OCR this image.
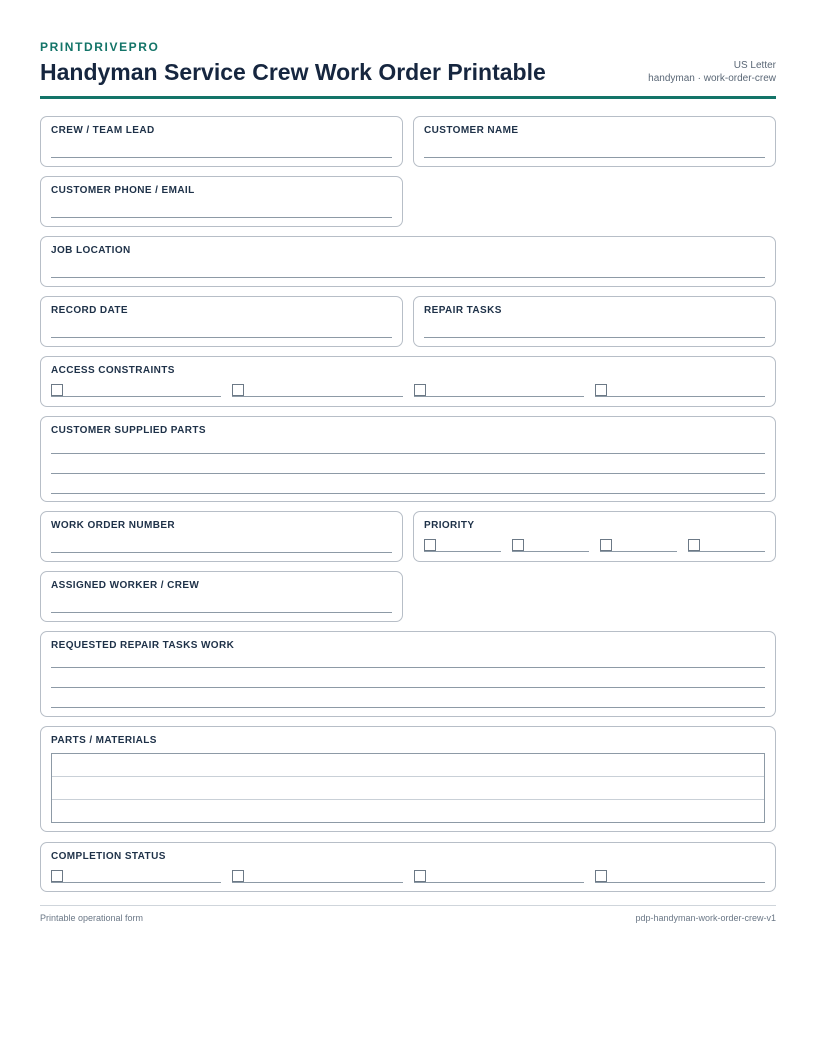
PRINTDRIVEPRO
Handyman Service Crew Work Order Printable	US Letter
handyman · work-order-crew
CREW / TEAM LEAD	CUSTOMER NAME
CUSTOMER PHONE / EMAIL
JOB LOCATION
RECORD DATE	REPAIR TASKS
ACCESS CONSTRAINTS
CUSTOMER SUPPLIED PARTS
WORK ORDER NUMBER	PRIORITY
ASSIGNED WORKER / CREW
REQUESTED REPAIR TASKS WORK
PARTS / MATERIALS
COMPLETION STATUS
Printable operational form	pdp-handyman-work-order-crew-v1
